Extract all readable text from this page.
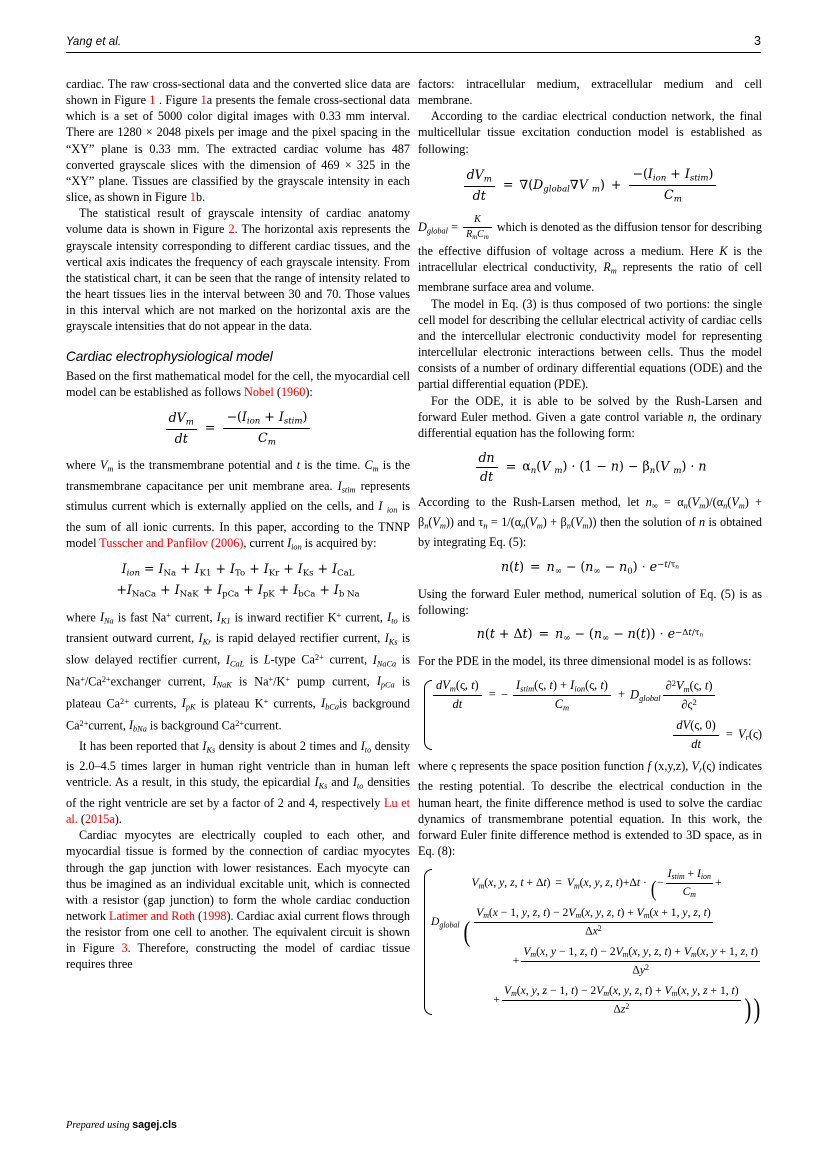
Yang et al.	3

cardiac. The raw cross-sectional data and the converted slice data are shown in Figure 1 . Figure 1a presents the female cross-sectional data which is a set of 5000 color digital images with 0.33 mm interval. There are 1280 × 2048 pixels per image and the pixel spacing in the “XY” plane is 0.33 mm. The extracted cardiac volume has 487 converted grayscale slices with the dimension of 469 × 325 in the “XY” plane. Tissues are classified by the grayscale intensity in each slice, as shown in Figure 1b.

The statistical result of grayscale intensity of cardiac anatomy volume data is shown in Figure 2. The horizontal axis represents the grayscale intensity corresponding to different cardiac tissues, and the vertical axis indicates the frequency of each grayscale intensity. From the statistical chart, it can be seen that the range of intensity related to the heart tissues lies in the interval between 30 and 70. Those values in this interval which are not marked on the horizontal axis are the grayscale intensities that do not appear in the data.

Cardiac electrophysiological model

Based on the first mathematical model for the cell, the myocardial cell model can be established as follows Nobel (1960):

$\frac{dV_m}{dt} = \frac{-(I_{ion} + I_{stim})}{C_m}$

where $V_m$ is the transmembrane potential and t is the time. $C_m$ is the transmembrane capacitance per unit membrane area. $I_{stim}$ represents stimulus current which is externally applied on the cells, and I $_{ion}$ is the sum of all ionic currents. In this paper, according to the TNNP model Tusscher and Panfilov (2006), current $I_{ion}$ is acquired by:

$I_{ion} = I_{Na} + I_{K1} + I_{To} + I_{Kr} + I_{Ks} + I_{CaL}$
$+I_{NaCa} + I_{NaK} + I_{pCa} + I_{pK} + I_{bCa} + I_{b Na}$

where $I_{Na}$ is fast Na+ current, $I_{K1}$ is inward rectifier K+ current, $I_{to}$ is transient outward current, $I_{Kr}$ is rapid delayed rectifier current, $I_{Ks}$ is slow delayed rectifier current, $I_{CaL}$ is L-type $Ca^{2+}$ current, $I_{NaCa}$ is $Na^+/Ca^{2+}exchanger$ current, $I_{NaK}$ is Na+/K+ pump current, $I_{pCa}$ is plateau $Ca^{2+}$ currents, $I_{pK}$ is plateau K+ currents, $I_{bCa}is$ background $Ca^{2+}current$, $I_{bNa}$ is background $Ca^{2+}current$.

It has been reported that $I_{Ks}$ density is about 2 times and $I_{to}$ density is 2.0–4.5 times larger in human right ventricle than in human left ventricle. As a result, in this study, the epicardial $I_{Ks}$ and $I_{to}$ densities of the right ventricle are set by a factor of 2 and 4, respectively Lu et al. (2015a).

Cardiac myocytes are electrically coupled to each other, and myocardial tissue is formed by the connection of cardiac myocytes through the gap junction with lower resistances. Each myocyte can thus be imagined as an individual excitable unit, which is connected with a resistor (gap junction) to form the whole cardiac conduction network Latimer and Roth (1998). Cardiac axial current flows through the resistor from one cell to another. The equivalent circuit is shown in Figure 3. Therefore, constructing the model of cardiac tissue requires three

factors: intracellular medium, extracellular medium and cell membrane.

According to the cardiac electrical conduction network, the final multicellular tissue excitation conduction model is established as following:

$\frac{dV_m}{dt} = \nabla(D_{global}\nabla V$ $_m) + \frac{-(I_{ion} + I_{stim})}{C_m}$

$D_{global} = \frac{K}{R_mC_m}$ which is denoted as the diffusion tensor for describing the effective diffusion of voltage across a medium. Here K is the intracellular electrical conductivity, $R_m$ represents the ratio of cell membrane surface area and volume.

The model in Eq. (3) is thus composed of two portions: the single cell model for describing the cellular electrical activity of cardiac cells and the intercellular electronic conductivity model for representing intercellular electronic interactions between cells. Thus the model consists of a number of ordinary differential equations (ODE) and the partial differential equation (PDE).

For the ODE, it is able to be solved by the Rush-Larsen and forward Euler method. Given a gate control variable n, the ordinary differential equation has the following form:

$\frac{dn}{dt} = \alpha_n(V$ $_m) \cdot (1 - n) - \beta_n(V$ $_m$) · n

According to the Rush-Larsen method, let $n_\infty = \alpha_n(V_m)/(\alpha_n(V_m) + \beta_n(V_m))$ and $\tau_n = 1/(\alpha_n(V_m) + \beta_n(V_m))$ then the solution of n is obtained by integrating Eq. (5):

$n(t) = n_\infty - (n_\infty - n_0) \cdot e^{-t/\tau_n}$

Using the forward Euler method, numerical solution of Eq. (5) is as following:

$n(t + \Delta t) = n_\infty - (n_\infty - n(t)) \cdot e^{-\Delta t/\tau_n}$

For the PDE in the model, its three dimensional model is as follows:

$\frac{dV_m(\varsigma, t)}{dt}$ = − $\frac{I_{stim}(\varsigma, t) + I_{ion}(\varsigma, t)}{C_m} + D_{global} \frac{\partial^2V_m(\varsigma, t)}{\partial\varsigma^2}$
$\frac{dV(\varsigma, 0)}{dt} = V_r(\varsigma)$

where ς represents the space position function f (x,y,z), $V_r(\varsigma)$ indicates the resting potential. To describe the electrical conduction in the human heart, the finite difference method is used to solve the cardiac dynamics of transmembrane potential equation. In this work, the forward Euler finite difference method is extended to 3D space, as in Eq. (8):

$V_m(x$, y, z, $t + \Delta t) = V_m(x$, y, z, t)+Δt · (− $\frac{I_{stim} + I_{ion}}{C_m}$ +
$D_{global}$ ( $\frac{V_m(x - 1, y, z, t) - 2V_m(x, y, z, t) + V_m(x + 1, y, z, t)}{\Delta x^2}$
+ $\frac{V_m(x, y - 1, z, t) - 2V_m(x, y, z, t) + V_m(x, y + 1, z, t)}{\Delta y^2}$
+ $\frac{V_m(x, y, z - 1, t) - 2V_m(x, y, z, t) + V_m(x, y, z + 1, t)}{\Delta z^2}$ ) )
Prepared using sagej.cls
